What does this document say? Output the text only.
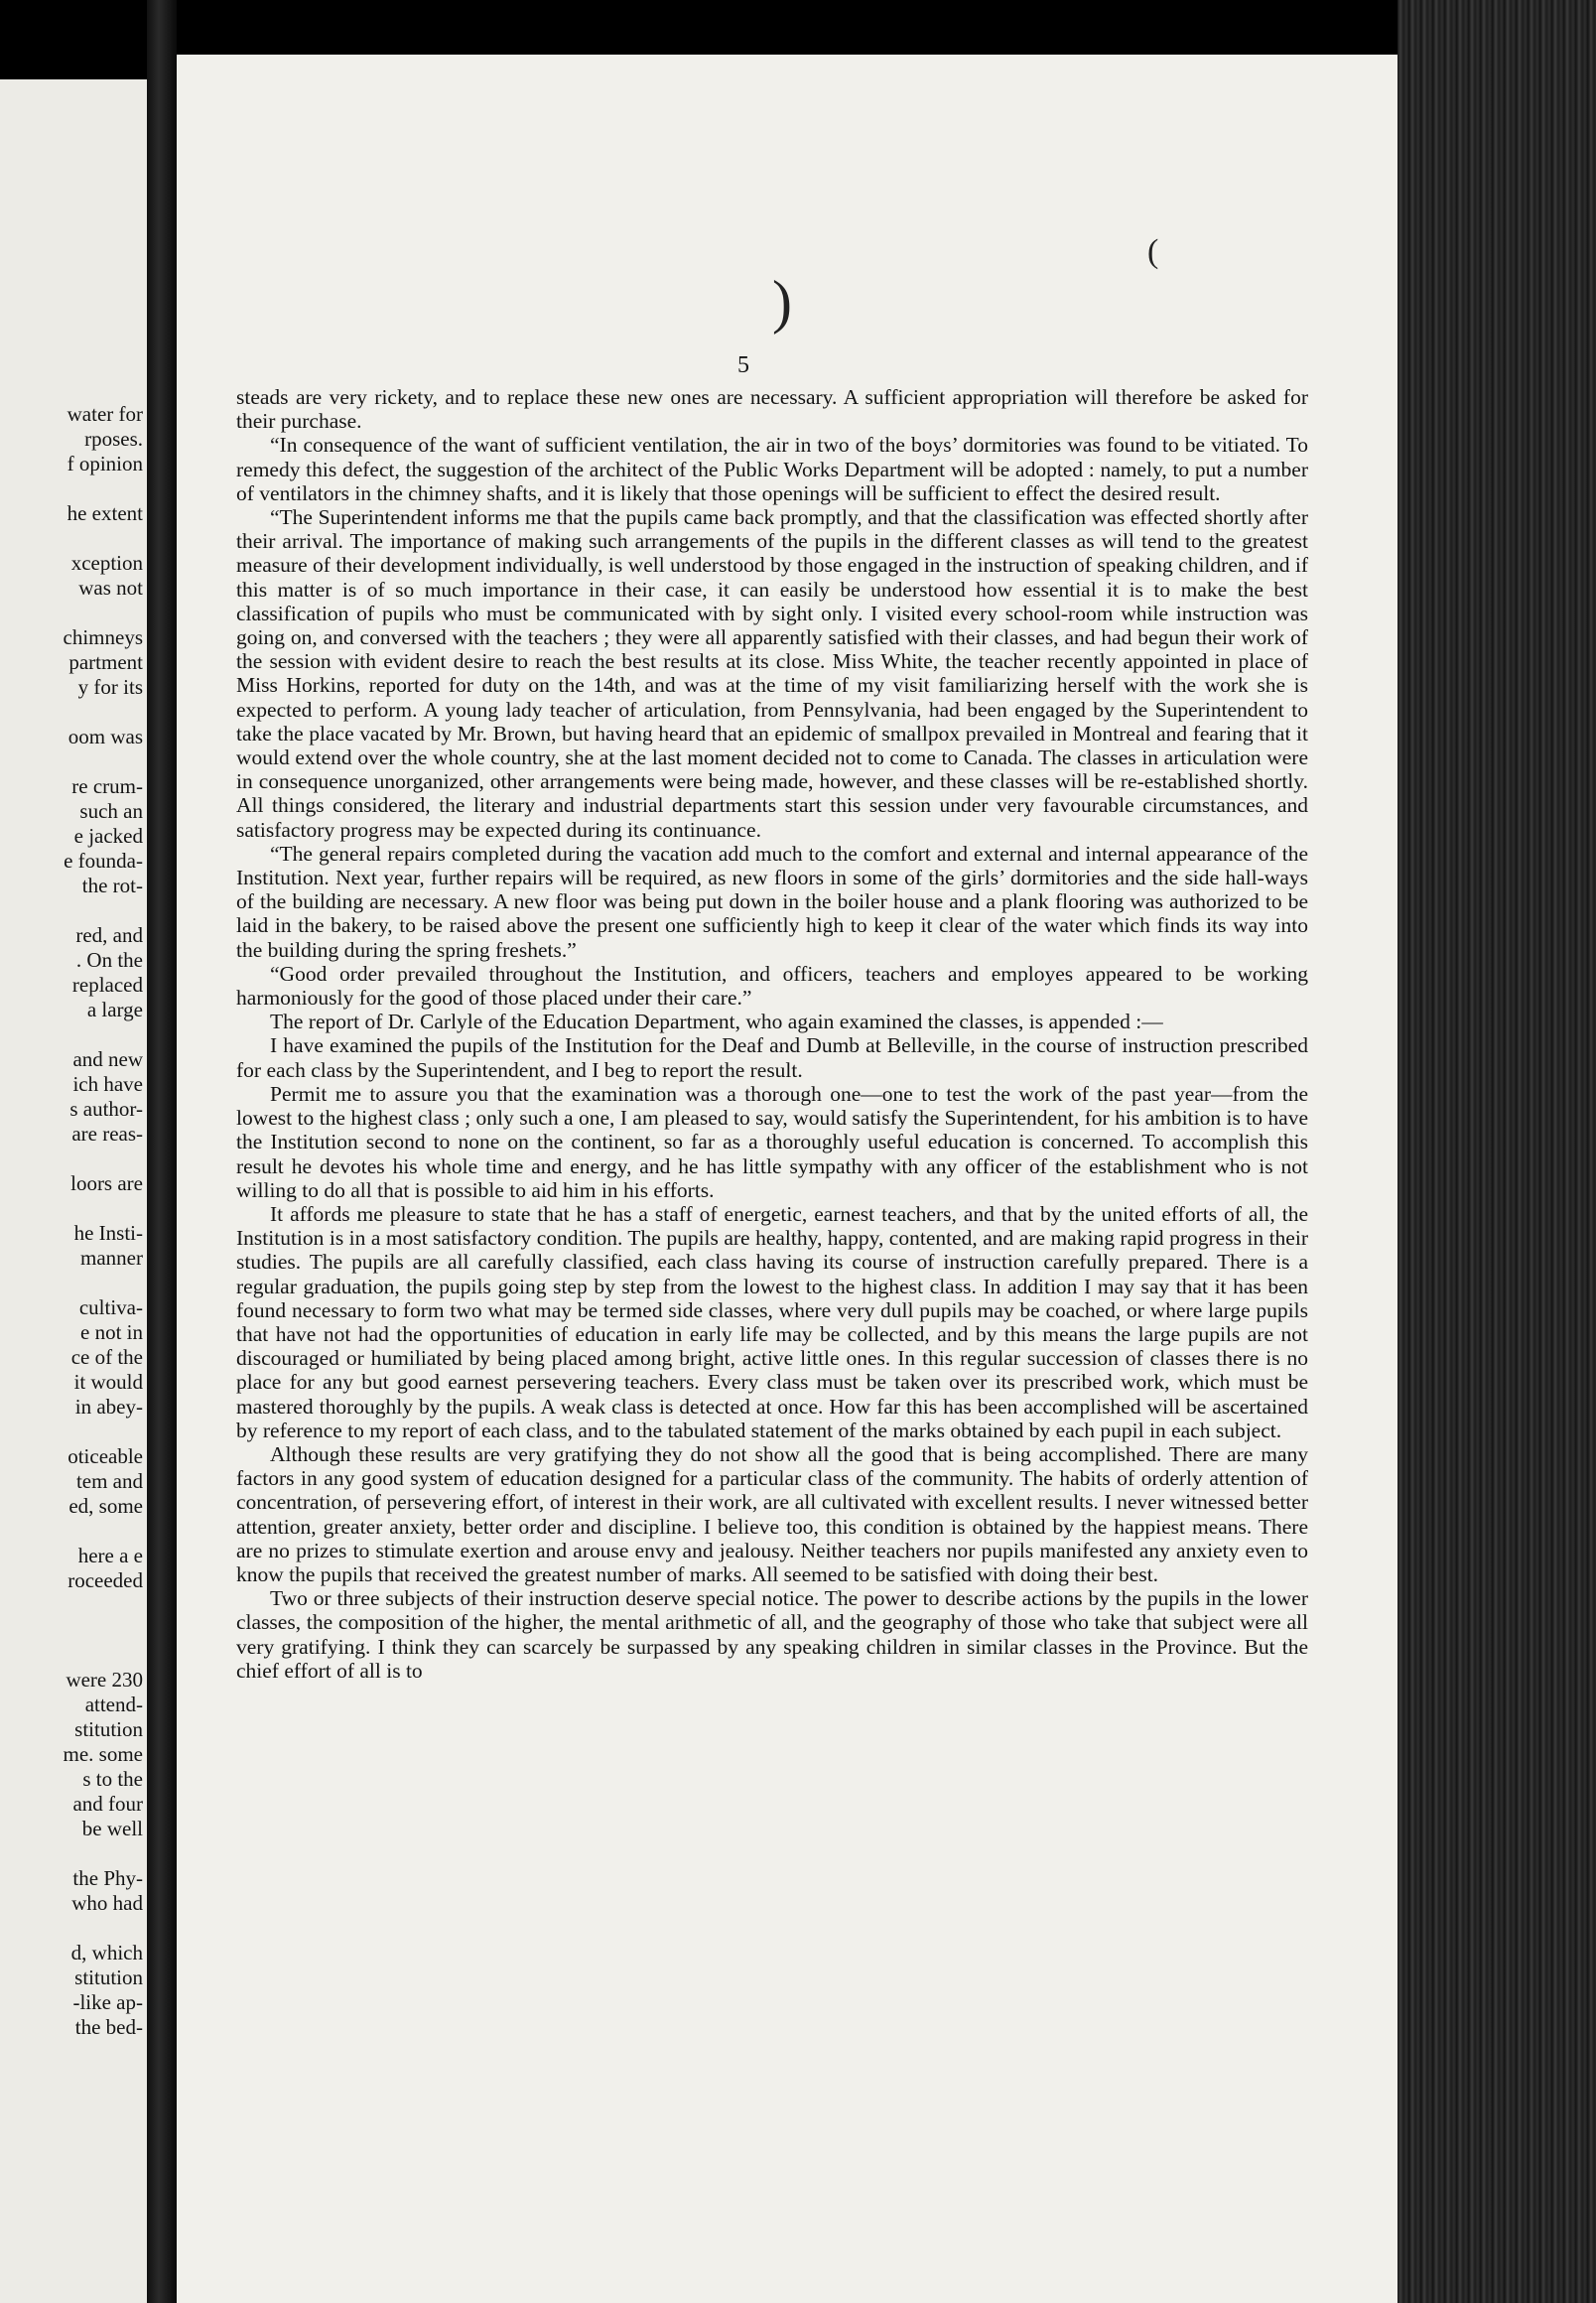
water for
rposes.
f opinion
he extent
xception
was not
chimneys
partment
y for its
oom was
re crum-
such an
e jacked
e founda-
the rot-
red, and
. On the
replaced
a large
and new
ich have
s author-
are reas-
loors are
he Insti-
manner
cultiva-
e not in
ce of the
it would
in abey-
oticeable
tem and
ed, some
here a e
roceeded
were 230
attend-
stitution
me. some
s to the
and four
be well
the Phy-
who had
d, which
stitution
-like ap-
the bed-
(
)
5

steads are very rickety, and to replace these new ones are necessary. A sufficient appropriation will therefore be asked for their purchase.

“In consequence of the want of sufficient ventilation, the air in two of the boys’ dormitories was found to be vitiated. To remedy this defect, the suggestion of the architect of the Public Works Department will be adopted : namely, to put a number of ventilators in the chimney shafts, and it is likely that those openings will be sufficient to effect the desired result.

“The Superintendent informs me that the pupils came back promptly, and that the classification was effected shortly after their arrival. The importance of making such arrangements of the pupils in the different classes as will tend to the greatest measure of their development individually, is well understood by those engaged in the instruction of speaking children, and if this matter is of so much importance in their case, it can easily be understood how essential it is to make the best classification of pupils who must be communicated with by sight only. I visited every school-room while instruction was going on, and conversed with the teachers ; they were all apparently satisfied with their classes, and had begun their work of the session with evident desire to reach the best results at its close. Miss White, the teacher recently appointed in place of Miss Horkins, reported for duty on the 14th, and was at the time of my visit familiarizing herself with the work she is expected to perform. A young lady teacher of articulation, from Pennsylvania, had been engaged by the Superintendent to take the place vacated by Mr. Brown, but having heard that an epidemic of smallpox prevailed in Montreal and fearing that it would extend over the whole country, she at the last moment decided not to come to Canada. The classes in articulation were in consequence unorganized, other arrangements were being made, however, and these classes will be re-established shortly. All things considered, the literary and industrial departments start this session under very favourable circumstances, and satisfactory progress may be expected during its continuance.

“The general repairs completed during the vacation add much to the comfort and external and internal appearance of the Institution. Next year, further repairs will be required, as new floors in some of the girls’ dormitories and the side hall-ways of the building are necessary. A new floor was being put down in the boiler house and a plank flooring was authorized to be laid in the bakery, to be raised above the present one sufficiently high to keep it clear of the water which finds its way into the building during the spring freshets.”

“Good order prevailed throughout the Institution, and officers, teachers and employes appeared to be working harmoniously for the good of those placed under their care.”

The report of Dr. Carlyle of the Education Department, who again examined the classes, is appended :—

I have examined the pupils of the Institution for the Deaf and Dumb at Belleville, in the course of instruction prescribed for each class by the Superintendent, and I beg to report the result.

Permit me to assure you that the examination was a thorough one—one to test the work of the past year—from the lowest to the highest class ; only such a one, I am pleased to say, would satisfy the Superintendent, for his ambition is to have the Institution second to none on the continent, so far as a thoroughly useful education is concerned. To accomplish this result he devotes his whole time and energy, and he has little sympathy with any officer of the establishment who is not willing to do all that is possible to aid him in his efforts.

It affords me pleasure to state that he has a staff of energetic, earnest teachers, and that by the united efforts of all, the Institution is in a most satisfactory condition. The pupils are healthy, happy, contented, and are making rapid progress in their studies. The pupils are all carefully classified, each class having its course of instruction carefully prepared. There is a regular graduation, the pupils going step by step from the lowest to the highest class. In addition I may say that it has been found necessary to form two what may be termed side classes, where very dull pupils may be coached, or where large pupils that have not had the opportunities of education in early life may be collected, and by this means the large pupils are not discouraged or humiliated by being placed among bright, active little ones. In this regular succession of classes there is no place for any but good earnest persevering teachers. Every class must be taken over its prescribed work, which must be mastered thoroughly by the pupils. A weak class is detected at once. How far this has been accomplished will be ascertained by reference to my report of each class, and to the tabulated statement of the marks obtained by each pupil in each subject.

Although these results are very gratifying they do not show all the good that is being accomplished. There are many factors in any good system of education designed for a particular class of the community. The habits of orderly attention of concentration, of persevering effort, of interest in their work, are all cultivated with excellent results. I never witnessed better attention, greater anxiety, better order and discipline. I believe too, this condition is obtained by the happiest means. There are no prizes to stimulate exertion and arouse envy and jealousy. Neither teachers nor pupils manifested any anxiety even to know the pupils that received the greatest number of marks. All seemed to be satisfied with doing their best.

Two or three subjects of their instruction deserve special notice. The power to describe actions by the pupils in the lower classes, the composition of the higher, the mental arithmetic of all, and the geography of those who take that subject were all very gratifying. I think they can scarcely be surpassed by any speaking children in similar classes in the Province. But the chief effort of all is to
